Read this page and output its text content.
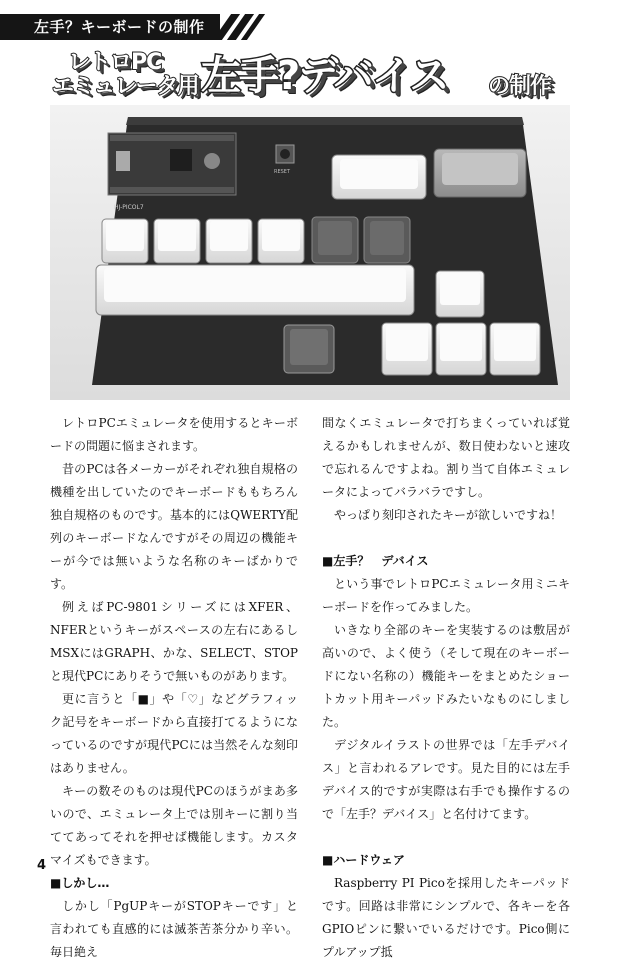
左手？キーボードの制作
レトロPC
エミュレータ用 左手?デバイス の制作
HJ-PICOL7
RESET

レトロPCエミュレータを使用するとキーボードの問題に悩まされます。

昔のPCは各メーカーがそれぞれ独自規格の機種を出していたのでキーボードももちろん独自規格のものです。基本的にはQWERTY配列のキーボードなんですがその周辺の機能キーが今では無いような名称のキーばかりです。

例えばPC-9801シリーズにはXFER、NFERというキーがスペースの左右にあるしMSXにはGRAPH、かな、SELECT、STOPと現代PCにありそうで無いものがあります。

更に言うと「■」や「♡」などグラフィック記号をキーボードから直接打てるようになっているのですが現代PCには当然そんな刻印はありません。

キーの数そのものは現代PCのほうがまあ多いので、エミュレータ上では別キーに割り当ててあってそれを押せば機能します。カスタマイズもできます。

■しかし…

しかし「PgUPキーがSTOPキーです」と言われても直感的には滅茶苦茶分かり辛い。毎日絶え

間なくエミュレータで打ちまくっていれば覚えるかもしれませんが、数日使わないと速攻で忘れるんですよね。割り当て自体エミュレータによってバラバラですし。

やっぱり刻印されたキーが欲しいですね！

■左手？　デバイス

という事でレトロPCエミュレータ用ミニキーボードを作ってみました。

いきなり全部のキーを実装するのは敷居が高いので、よく使う（そして現在のキーボードにない名称の）機能キーをまとめたショートカット用キーパッドみたいなものにしました。

デジタルイラストの世界では「左手デバイス」と言われるアレです。見た目的には左手デバイス的ですが実際は右手でも操作するので「左手？デバイス」と名付けてます。

■ハードウェア

Raspberry PI Picoを採用したキーパッドです。回路は非常にシンプルで、各キーを各GPIOピンに繋いでいるだけです。Pico側にプルアップ抵

4
